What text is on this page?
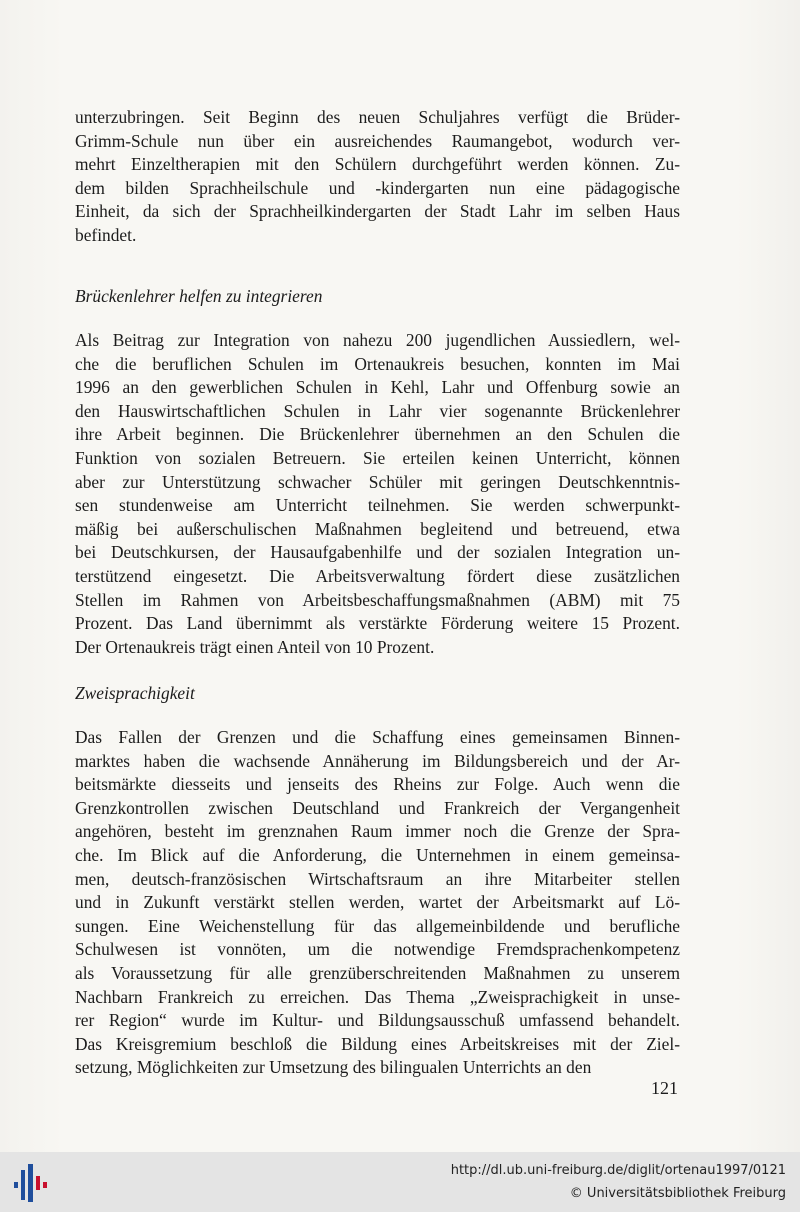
unterzubringen. Seit Beginn des neuen Schuljahres verfügt die Brüder-
Grimm-Schule nun über ein ausreichendes Raumangebot, wodurch ver-
mehrt Einzeltherapien mit den Schülern durchgeführt werden können. Zu-
dem bilden Sprachheilschule und -kindergarten nun eine pädagogische
Einheit, da sich der Sprachheilkindergarten der Stadt Lahr im selben Haus
befindet.
Brückenlehrer helfen zu integrieren
Als Beitrag zur Integration von nahezu 200 jugendlichen Aussiedlern, wel-
che die beruflichen Schulen im Ortenaukreis besuchen, konnten im Mai
1996 an den gewerblichen Schulen in Kehl, Lahr und Offenburg sowie an
den Hauswirtschaftlichen Schulen in Lahr vier sogenannte Brückenlehrer
ihre Arbeit beginnen. Die Brückenlehrer übernehmen an den Schulen die
Funktion von sozialen Betreuern. Sie erteilen keinen Unterricht, können
aber zur Unterstützung schwacher Schüler mit geringen Deutschkenntnis-
sen stundenweise am Unterricht teilnehmen. Sie werden schwerpunkt-
mäßig bei außerschulischen Maßnahmen begleitend und betreuend, etwa
bei Deutschkursen, der Hausaufgabenhilfe und der sozialen Integration un-
terstützend eingesetzt. Die Arbeitsverwaltung fördert diese zusätzlichen
Stellen im Rahmen von Arbeitsbeschaffungsmaßnahmen (ABM) mit 75
Prozent. Das Land übernimmt als verstärkte Förderung weitere 15 Prozent.
Der Ortenaukreis trägt einen Anteil von 10 Prozent.
Zweisprachigkeit
Das Fallen der Grenzen und die Schaffung eines gemeinsamen Binnen-
marktes haben die wachsende Annäherung im Bildungsbereich und der Ar-
beitsmärkte diesseits und jenseits des Rheins zur Folge. Auch wenn die
Grenzkontrollen zwischen Deutschland und Frankreich der Vergangenheit
angehören, besteht im grenznahen Raum immer noch die Grenze der Spra-
che. Im Blick auf die Anforderung, die Unternehmen in einem gemeinsa-
men, deutsch-französischen Wirtschaftsraum an ihre Mitarbeiter stellen
und in Zukunft verstärkt stellen werden, wartet der Arbeitsmarkt auf Lö-
sungen. Eine Weichenstellung für das allgemeinbildende und berufliche
Schulwesen ist vonnöten, um die notwendige Fremdsprachenkompetenz
als Voraussetzung für alle grenzüberschreitenden Maßnahmen zu unserem
Nachbarn Frankreich zu erreichen. Das Thema „Zweisprachigkeit in unse-
rer Region“ wurde im Kultur- und Bildungsausschuß umfassend behandelt.
Das Kreisgremium beschloß die Bildung eines Arbeitskreises mit der Ziel-
setzung, Möglichkeiten zur Umsetzung des bilingualen Unterrichts an den
121
http://dl.ub.uni-freiburg.de/diglit/ortenau1997/0121
© Universitätsbibliothek Freiburg
